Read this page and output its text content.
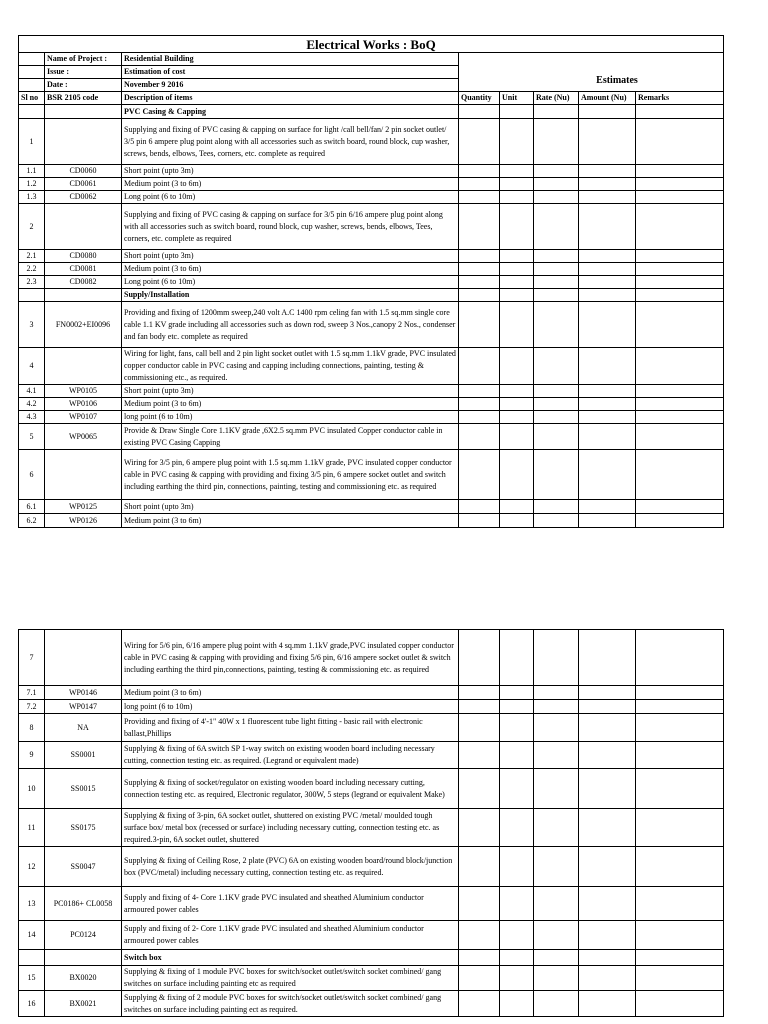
Electrical Works : BoQ							
	Name of Project :	Residential Building					
	Issue :	Estimation of cost					
	Date :	November 9 2016					
Sl no	BSR 2105 code	Description of items	Quantity	Unit	Rate (Nu)	Amount (Nu)	Remarks
		PVC Casing & Capping					
1		Supplying and fixing of PVC casing & capping on surface for light /call bell/fan/ 2 pin socket outlet/ 3/5 pin 6 ampere plug point along with all accessories such as switch board, round block, cup washer, screws, bends, elbows, Tees, corners, etc. complete as required					
1.1	CD0060	Short point (upto 3m)					
1.2	CD0061	Medium point (3 to 6m)					
1.3	CD0062	Long point (6 to 10m)					
2		Supplying and fixing of PVC casing & capping on surface for 3/5 pin 6/16 ampere plug point along with all accessories such as switch board, round block, cup washer, screws, bends, elbows, Tees, corners, etc. complete as required					
2.1	CD0080	Short point (upto 3m)					
2.2	CD0081	Medium point (3 to 6m)					
2.3	CD0082	Long point (6 to 10m)					
		Supply/Installation					
3	FN0002+EI0096	Providing and fixing of 1200mm sweep,240 volt A.C 1400 rpm celing fan with 1.5 sq.mm single core cable 1.1 KV grade including all accessories such as down rod, sweep 3 Nos.,canopy 2 Nos., condenser and fan body etc. complete as required					
4		Wiring for light, fans, call bell and 2 pin light socket outlet with 1.5 sq.mm 1.1kV grade, PVC insulated copper conductor cable in PVC casing and capping including connections, painting, testing & commissioning etc., as required.					
4.1	WP0105	Short point (upto 3m)					
4.2	WP0106	Medium point (3 to 6m)					
4.3	WP0107	long point (6 to 10m)					
5	WP0065	Provide & Draw Single Core 1.1KV grade ,6X2.5 sq.mm PVC insulated Copper conductor cable in existing PVC Casing Capping					
6		Wiring for 3/5 pin, 6 ampere plug point with 1.5 sq.mm 1.1kV grade, PVC insulated copper conductor cable in PVC casing & capping with providing and fixing 3/5 pin, 6 ampere socket outlet and switch including earthing the third pin, connections, painting, testing and commissioning etc. as required					
6.1	WP0125	Short point (upto 3m)					
6.2	WP0126	Medium point (3 to 6m)					
Estimates
7		Wiring for 5/6 pin, 6/16 ampere plug point with 4 sq.mm 1.1kV grade,PVC insulated copper conductor cable in PVC casing & capping with providing and fixing 5/6 pin, 6/16 ampere socket outlet & switch including earthing the third pin,connections, painting, testing & commissioning etc. as required					
7.1	WP0146	Medium point (3 to 6m)					
7.2	WP0147	long point (6 to 10m)					
8	NA	Providing and fixing of 4'-1" 40W x 1 fluorescent tube light fitting - basic rail with electronic ballast,Phillips					
9	SS0001	Supplying & fixing of 6A switch SP 1-way switch on existing wooden board including necessary cutting, connection testing etc. as required. (Legrand or equivalent made)					
10	SS0015	Supplying & fixing of socket/regulator on existing wooden board including necessary cutting, connection testing etc. as required, Electronic regulator, 300W, 5 steps (legrand or equivalent Make)					
11	SS0175	Supplying & fixing of 3-pin, 6A socket outlet, shuttered on existing PVC /metal/ moulded tough surface box/ metal box (recessed or surface) including necessary cutting, connection testing etc. as required.3-pin, 6A socket outlet, shuttered					
12	SS0047	Supplying & fixing of Ceiling Rose, 2 plate (PVC) 6A on existing wooden board/round block/junction box (PVC/metal) including necessary cutting, connection testing etc. as required.					
13	PC0186+ CL0058	Supply and fixing of 4- Core 1.1KV grade PVC insulated and sheathed Aluminium conductor armoured power cables					
14	PC0124	Supply and fixing of 2- Core 1.1KV grade PVC insulated and sheathed Aluminium conductor armoured power cables					
		Switch box					
15	BX0020	Supplying & fixing of 1 module PVC boxes for switch/socket outlet/switch socket combined/ gang switches on surface including painting etc as required					
16	BX0021	Supplying & fixing of 2 module PVC boxes for switch/socket outlet/switch socket combined/ gang switches on surface including painting ect as required.					
